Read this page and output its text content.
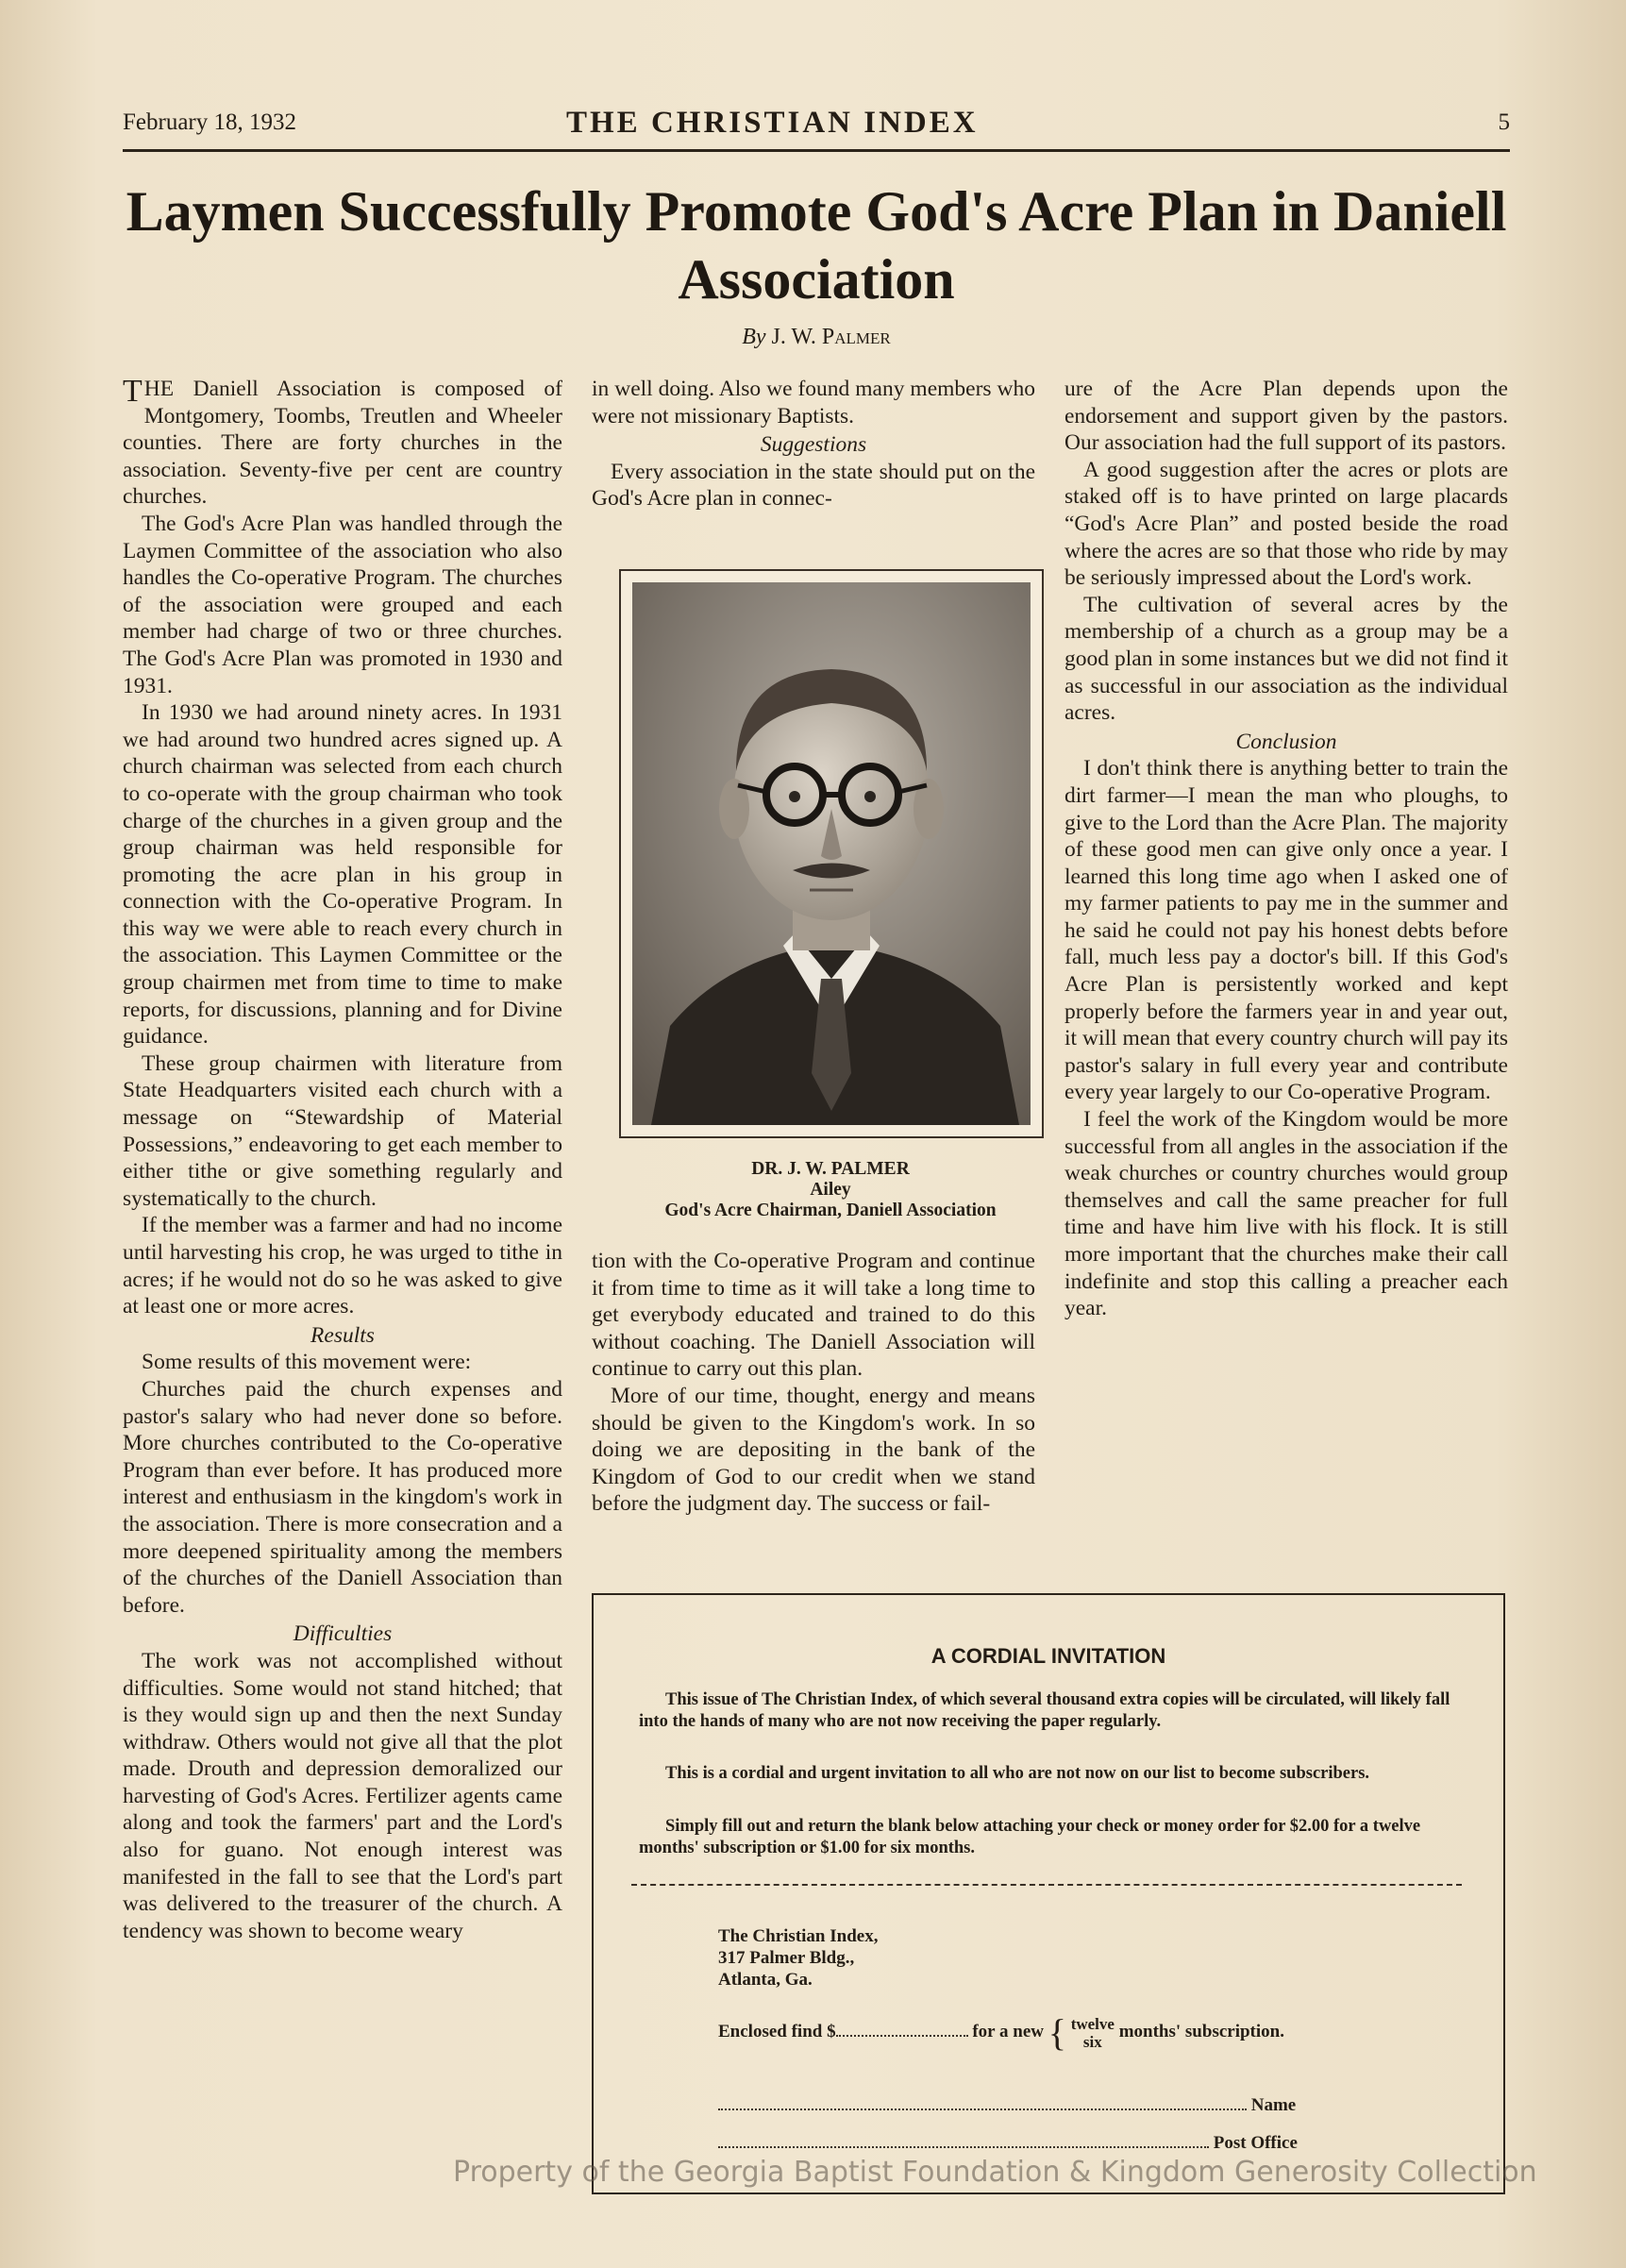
February 18, 1932	THE CHRISTIAN INDEX	5
Laymen Successfully Promote God's Acre Plan in Daniell Association
By J. W. Palmer

T HE Daniell Association is composed of Montgomery, Toombs, Treutlen and Wheeler counties. There are forty churches in the association. Seventy-five per cent are country churches.

The God's Acre Plan was handled through the Laymen Committee of the association who also handles the Co-operative Program. The churches of the association were grouped and each member had charge of two or three churches. The God's Acre Plan was promoted in 1930 and 1931.

In 1930 we had around ninety acres. In 1931 we had around two hundred acres signed up. A church chairman was selected from each church to co-operate with the group chairman who took charge of the churches in a given group and the group chairman was held responsible for promoting the acre plan in his group in connection with the Co-operative Program. In this way we were able to reach every church in the association. This Laymen Committee or the group chairmen met from time to time to make reports, for discussions, planning and for Divine guidance.

These group chairmen with literature from State Headquarters visited each church with a message on “Stewardship of Material Possessions,” endeavoring to get each member to either tithe or give something regularly and systematically to the church.

If the member was a farmer and had no income until harvesting his crop, he was urged to tithe in acres; if he would not do so he was asked to give at least one or more acres.

Results

Some results of this movement were:

Churches paid the church expenses and pastor's salary who had never done so before. More churches contributed to the Co-operative Program than ever before. It has produced more interest and enthusiasm in the kingdom's work in the association. There is more consecration and a more deepened spirituality among the members of the churches of the Daniell Association than before.

Difficulties

The work was not accomplished without difficulties. Some would not stand hitched; that is they would sign up and then the next Sunday withdraw. Others would not give all that the plot made. Drouth and depression demoralized our harvesting of God's Acres. Fertilizer agents came along and took the farmers' part and the Lord's also for guano. Not enough interest was manifested in the fall to see that the Lord's part was delivered to the treasurer of the church. A tendency was shown to become weary

in well doing. Also we found many members who were not missionary Baptists.

Suggestions

Every association in the state should put on the God's Acre plan in connec-

DR. J. W. PALMER
Ailey
God's Acre Chairman, Daniell Association

tion with the Co-operative Program and continue it from time to time as it will take a long time to get everybody educated and trained to do this without coaching. The Daniell Association will continue to carry out this plan.

More of our time, thought, energy and means should be given to the Kingdom's work. In so doing we are depositing in the bank of the Kingdom of God to our credit when we stand before the judgment day. The success or fail-

ure of the Acre Plan depends upon the endorsement and support given by the pastors. Our association had the full support of its pastors.

A good suggestion after the acres or plots are staked off is to have printed on large placards “God's Acre Plan” and posted beside the road where the acres are so that those who ride by may be seriously impressed about the Lord's work.

The cultivation of several acres by the membership of a church as a group may be a good plan in some instances but we did not find it as successful in our association as the individual acres.

Conclusion

I don't think there is anything better to train the dirt farmer—I mean the man who ploughs, to give to the Lord than the Acre Plan. The majority of these good men can give only once a year. I learned this long time ago when I asked one of my farmer patients to pay me in the summer and he said he could not pay his honest debts before fall, much less pay a doctor's bill. If this God's Acre Plan is persistently worked and kept properly before the farmers year in and year out, it will mean that every country church will pay its pastor's salary in full every year and contribute every year largely to our Co-operative Program.

I feel the work of the Kingdom would be more successful from all angles in the association if the weak churches or country churches would group themselves and call the same preacher for full time and have him live with his flock. It is still more important that the churches make their call indefinite and stop this calling a preacher each year.

A CORDIAL INVITATION
This issue of The Christian Index, of which several thousand extra copies will be circulated, will likely fall into the hands of many who are not now receiving the paper regularly.
This is a cordial and urgent invitation to all who are not now on our list to become subscribers.
Simply fill out and return the blank below attaching your check or money order for $2.00 for a twelve months' subscription or $1.00 for six months.
The Christian Index,
317 Palmer Bldg.,
Atlanta, Ga.
Enclosed find $	for a new { twelve
six months' subscription.
Name
Post Office
Property of the Georgia Baptist Foundation & Kingdom Generosity Collection
